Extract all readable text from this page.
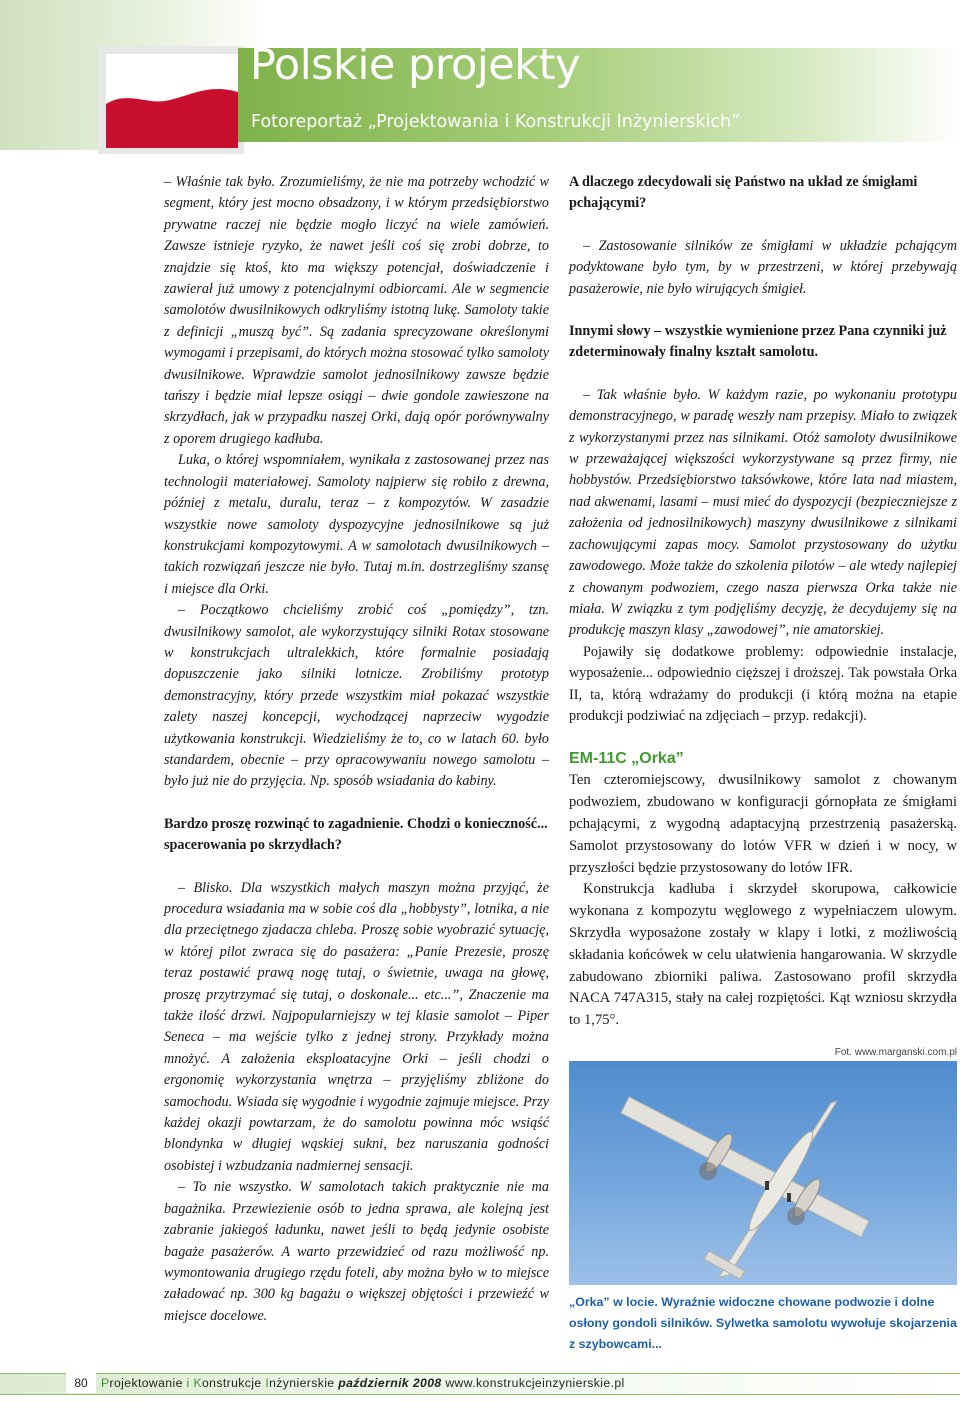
Polskie projekty
Fotoreportaż „Projektowania i Konstrukcji Inżynierskich”

– Właśnie tak było. Zrozumieliśmy, że nie ma potrzeby wchodzić w segment, który jest mocno obsadzony, i w którym przedsiębiorstwo prywatne raczej nie będzie mogło liczyć na wiele zamówień. Zawsze istnieje ryzyko, że nawet jeśli coś się zrobi dobrze, to znajdzie się ktoś, kto ma większy potencjał, doświadczenie i zawierał już umowy z potencjalnymi odbiorcami. Ale w segmencie samolotów dwusilnikowych odkryliśmy istotną lukę. Samoloty takie z definicji „muszą być”. Są zadania sprecyzowane określonymi wymogami i przepisami, do których można stosować tylko samoloty dwusilnikowe. Wprawdzie samolot jednosilnikowy zawsze będzie tańszy i będzie miał lepsze osiągi – dwie gondole zawieszone na skrzydłach, jak w przypadku naszej Orki, dają opór porównywalny z oporem drugiego kadłuba.

Luka, o której wspomniałem, wynikała z zastosowanej przez nas technologii materiałowej. Samoloty najpierw się robiło z drewna, później z metalu, duralu, teraz – z kompozytów. W zasadzie wszystkie nowe samoloty dyspozycyjne jednosilnikowe są już konstrukcjami kompozytowymi. A w samolotach dwusilnikowych – takich rozwiązań jeszcze nie było. Tutaj m.in. dostrzegliśmy szansę i miejsce dla Orki.

– Początkowo chcieliśmy zrobić coś „pomiędzy”, tzn. dwusilnikowy samolot, ale wykorzystujący silniki Rotax stosowane w konstrukcjach ultralekkich, które formalnie posiadają dopuszczenie jako silniki lotnicze. Zrobiliśmy prototyp demonstracyjny, który przede wszystkim miał pokazać wszystkie zalety naszej koncepcji, wychodzącej naprzeciw wygodzie użytkowania konstrukcji. Wiedzieliśmy że to, co w latach 60. było standardem, obecnie – przy opracowywaniu nowego samolotu – było już nie do przyjęcia. Np. sposób wsiadania do kabiny.

Bardzo proszę rozwinąć to zagadnienie. Chodzi o konieczność... spacerowania po skrzydłach?

– Blisko. Dla wszystkich małych maszyn można przyjąć, że procedura wsiadania ma w sobie coś dla „hobbysty”, lotnika, a nie dla przeciętnego zjadacza chleba. Proszę sobie wyobrazić sytuację, w której pilot zwraca się do pasażera: „Panie Prezesie, proszę teraz postawić prawą nogę tutaj, o świetnie, uwaga na głowę, proszę przytrzymać się tutaj, o doskonale... etc...”, Znaczenie ma także ilość drzwi. Najpopularniejszy w tej klasie samolot – Piper Seneca – ma wejście tylko z jednej strony. Przykłady można mnożyć. A założenia eksploatacyjne Orki – jeśli chodzi o ergonomię wykorzystania wnętrza – przyjęliśmy zbliżone do samochodu. Wsiada się wygodnie i wygodnie zajmuje miejsce. Przy każdej okazji powtarzam, że do samolotu powinna móc wsiąść blondynka w długiej wąskiej sukni, bez naruszania godności osobistej i wzbudzania nadmiernej sensacji.

– To nie wszystko. W samolotach takich praktycznie nie ma bagażnika. Przewiezienie osób to jedna sprawa, ale kolejną jest zabranie jakiegoś ładunku, nawet jeśli to będą jedynie osobiste bagaże pasażerów. A warto przewidzieć od razu możliwość np. wymontowania drugiego rzędu foteli, aby można było w to miejsce załadować np. 300 kg bagażu o większej objętości i przewieźć w miejsce docelowe.

A dlaczego zdecydowali się Państwo na układ ze śmigłami pchającymi?

– Zastosowanie silników ze śmigłami w układzie pchającym podyktowane było tym, by w przestrzeni, w której przebywają pasażerowie, nie było wirujących śmigieł.

Innymi słowy – wszystkie wymienione przez Pana czynniki już zdeterminowały finalny kształt samolotu.

– Tak właśnie było. W każdym razie, po wykonaniu prototypu demonstracyjnego, w paradę weszły nam przepisy. Miało to związek z wykorzystanymi przez nas silnikami. Otóż samoloty dwusilnikowe w przeważającej większości wykorzystywane są przez firmy, nie hobbystów. Przedsiębiorstwo taksówkowe, które lata nad miastem, nad akwenami, lasami – musi mieć do dyspozycji (bezpieczniejsze z założenia od jednosilnikowych) maszyny dwusilnikowe z silnikami zachowującymi zapas mocy. Samolot przystosowany do użytku zawodowego. Może także do szkolenia pilotów – ale wtedy najlepiej z chowanym podwoziem, czego nasza pierwsza Orka także nie miała. W związku z tym podjęliśmy decyzję, że decydujemy się na produkcję maszyn klasy „zawodowej”, nie amatorskiej.

Pojawiły się dodatkowe problemy: odpowiednie instalacje, wyposażenie... odpowiednio cięższej i droższej. Tak powstała Orka II, ta, którą wdrażamy do produkcji (i którą można na etapie produkcji podziwiać na zdjęciach – przyp. redakcji).

EM-11C „Orka”

Ten czteromiejscowy, dwusilnikowy samolot z chowanym podwoziem, zbudowano w konfiguracji górnopłata ze śmigłami pchającymi, z wygodną adaptacyjną przestrzenią pasażerską. Samolot przystosowany do lotów VFR w dzień i w nocy, w przyszłości będzie przystosowany do lotów IFR.

Konstrukcja kadłuba i skrzydeł skorupowa, całkowicie wykonana z kompozytu węglowego z wypełniaczem ulowym. Skrzydła wyposażone zostały w klapy i lotki, z możliwością składania końcówek w celu ułatwienia hangarowania. W skrzydle zabudowano zbiorniki paliwa. Zastosowano profil skrzydła NACA 747A315, stały na całej rozpiętości. Kąt wzniosu skrzydła to 1,75°.

Fot. www.marganski.com.pl

„Orka” w locie. Wyraźnie widoczne chowane podwozie i dolne osłony gondoli silników. Sylwetka samolotu wywołuje skojarzenia z szybowcami...

80	Projektowanie i Konstrukcje Inżynierskie październik 2008 www.konstrukcjeinzynierskie.pl
